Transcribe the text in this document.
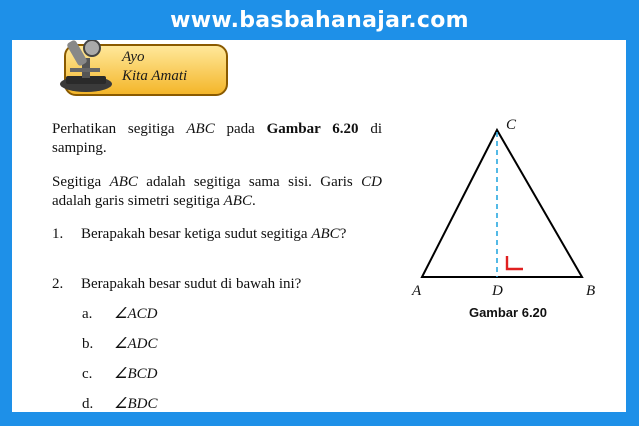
www.basbahanajar.com
Ayo
Kita Amati
Perhatikan segitiga ABC pada Gambar 6.20 di samping.
Segitiga ABC adalah segitiga sama sisi. Garis CD adalah garis simetri segitiga ABC.
1. Berapakah besar ketiga sudut segitiga ABC?
2. Berapakah besar sudut di bawah ini?
a. ∠ACD
b. ∠ADC
c. ∠BCD
d. ∠BDC
C
A	D	B
Gambar 6.20
